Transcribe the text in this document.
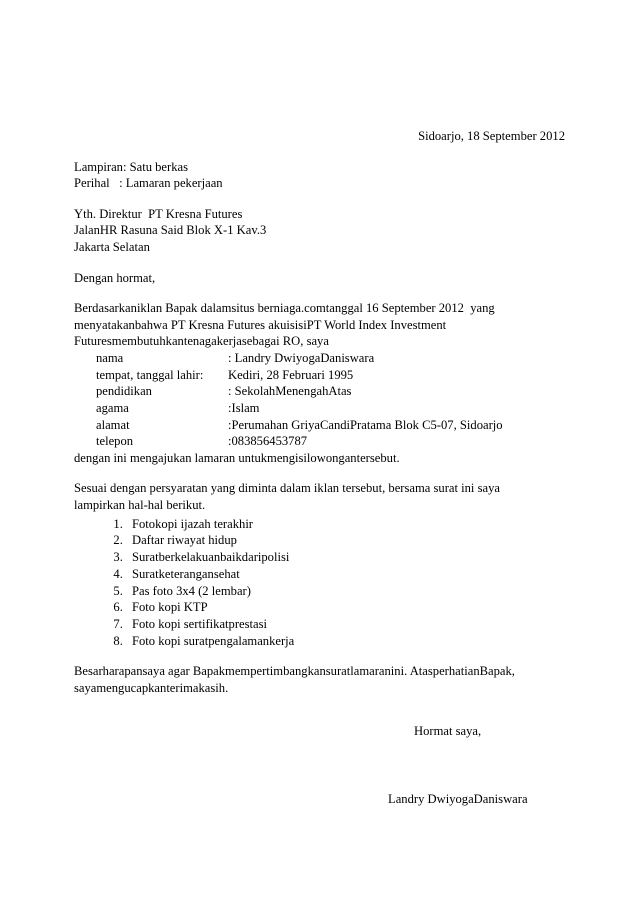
Sidoarjo, 18 September 2012
Lampiran: Satu berkas
Perihal   : Lamaran pekerjaan
Yth. Direktur  PT Kresna Futures
JalanHR Rasuna Said Blok X-1 Kav.3
Jakarta Selatan
Dengan hormat,
Berdasarkaniklan Bapak dalamsitus berniaga.comtanggal 16 September 2012  yang
menyatakanbahwa PT Kresna Futures akuisisiPT World Index Investment
Futuresmembutuhkantenagakerjasebagai RO, saya
nama	: Landry DwiyogaDaniswara
tempat, tanggal lahir:	Kediri, 28 Februari 1995
pendidikan	: SekolahMenengahAtas
agama	:Islam
alamat	:Perumahan GriyaCandiPratama Blok C5-07, Sidoarjo
telepon	:083856453787
dengan ini mengajukan lamaran untukmengisilowongantersebut.
Sesuai dengan persyaratan yang diminta dalam iklan tersebut, bersama surat ini saya
lampirkan hal-hal berikut.
1. Fotokopi ijazah terakhir
2. Daftar riwayat hidup
3. Suratberkelakuanbaikdaripolisi
4. Suratketerangansehat
5. Pas foto 3x4 (2 lembar)
6. Foto kopi KTP
7. Foto kopi sertifikatprestasi
8. Foto kopi suratpengalamankerja
Besarharapansaya agar Bapakmempertimbangkansuratlamaranini. AtasperhatianBapak,
sayamengucapkanterimakasih.
Hormat saya,
Landry DwiyogaDaniswara
